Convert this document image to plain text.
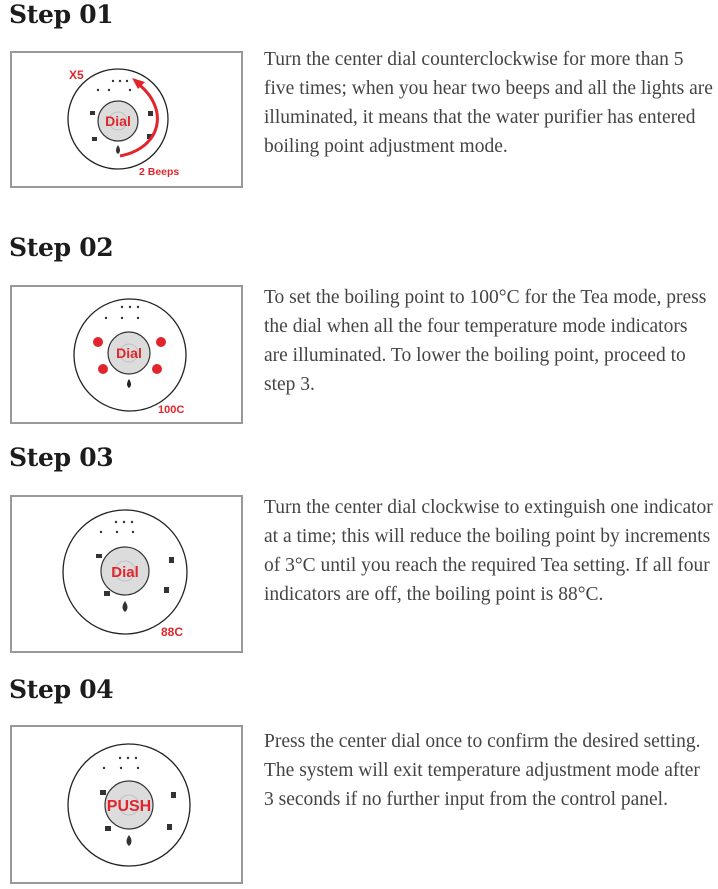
Step 01
Dial
X5
2 Beeps

Turn the center dial counterclockwise for more than 5 five times; when you hear two beeps and all the lights are illuminated, it means that the water purifier has entered boiling point adjustment mode.

Step 02
Dial
100C

To set the boiling point to 100°C for the Tea mode, press the dial when all the four temperature mode indicators are illuminated. To lower the boiling point, proceed to step 3.

Step 03
Dial
88C

Turn the center dial clockwise to extinguish one indicator at a time; this will reduce the boiling point by increments of 3°C until you reach the required Tea setting. If all four indicators are off, the boiling point is 88°C.

Step 04
PUSH

Press the center dial once to confirm the desired setting. The system will exit temperature adjustment mode after 3 seconds if no further input from the control panel.
